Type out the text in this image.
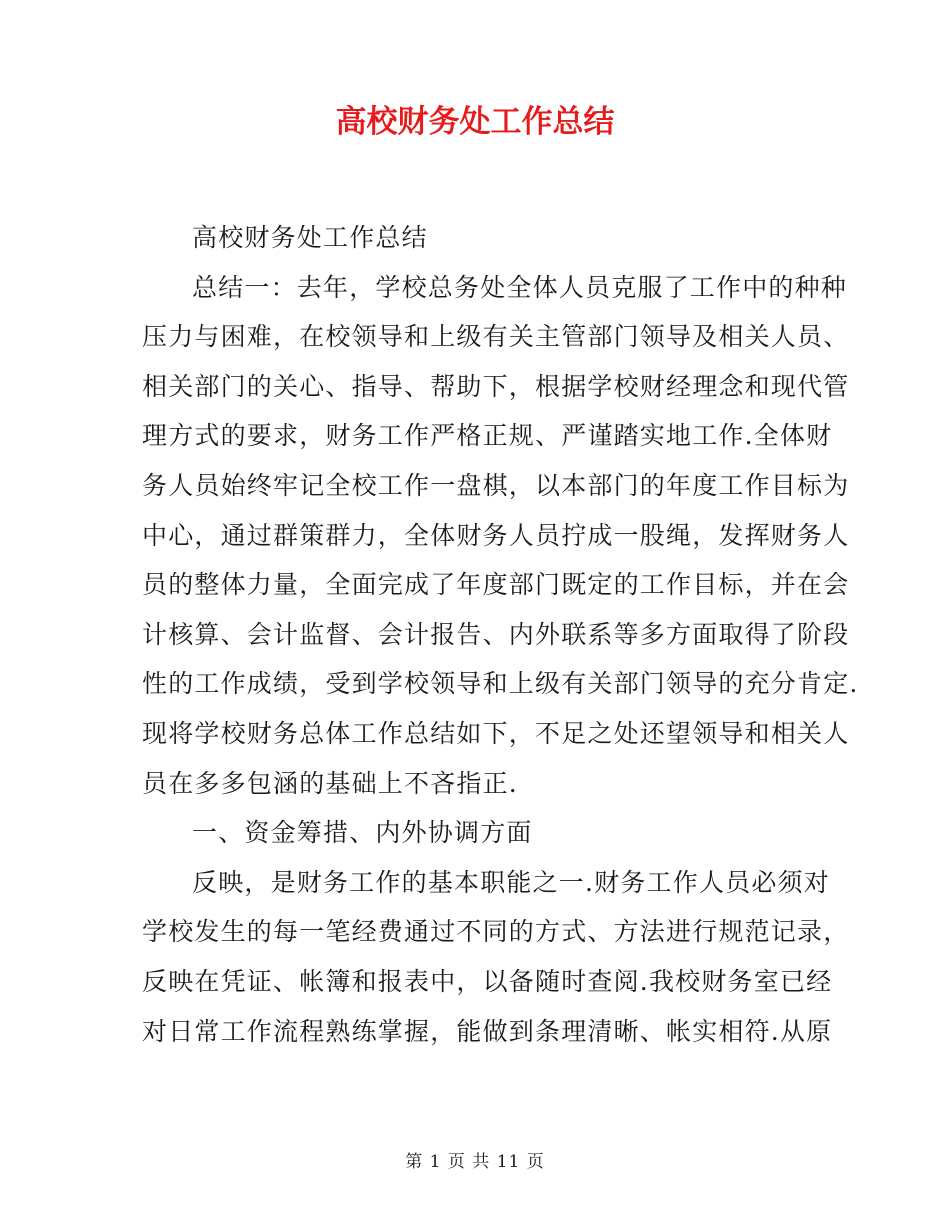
高校财务处工作总结
高校财务处工作总结
总结一：去年，学校总务处全体人员克服了工作中的种种
压力与困难，在校领导和上级有关主管部门领导及相关人员、
相关部门的关心、指导、帮助下，根据学校财经理念和现代管
理方式的要求，财务工作严格正规、严谨踏实地工作.全体财
务人员始终牢记全校工作一盘棋，以本部门的年度工作目标为
中心，通过群策群力，全体财务人员拧成一股绳，发挥财务人
员的整体力量，全面完成了年度部门既定的工作目标，并在会
计核算、会计监督、会计报告、内外联系等多方面取得了阶段
性的工作成绩，受到学校领导和上级有关部门领导的充分肯定.
现将学校财务总体工作总结如下，不足之处还望领导和相关人
员在多多包涵的基础上不吝指正.
一、资金筹措、内外协调方面
反映，是财务工作的基本职能之一.财务工作人员必须对
学校发生的每一笔经费通过不同的方式、方法进行规范记录，
反映在凭证、帐簿和报表中，以备随时查阅.我校财务室已经
对日常工作流程熟练掌握，能做到条理清晰、帐实相符.从原
第 1 页 共 11 页
